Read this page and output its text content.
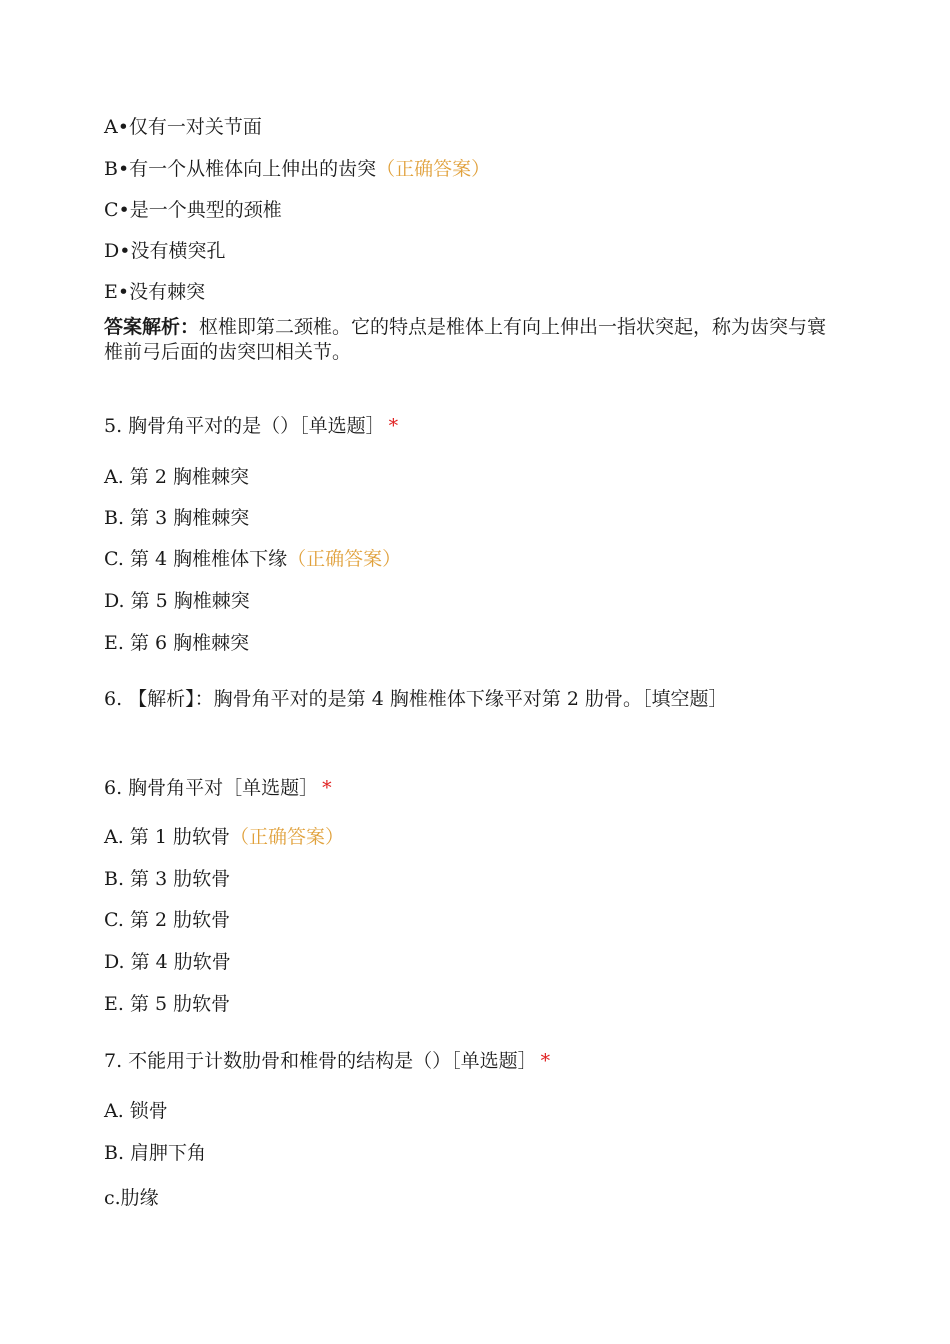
A•仅有一对关节面
B•有一个从椎体向上伸出的齿突（正确答案）
C•是一个典型的颈椎
D•没有横突孔
E•没有棘突
答案解析：枢椎即第二颈椎。它的特点是椎体上有向上伸出一指状突起，称为齿突与寰椎前弓后面的齿突凹相关节。
5. 胸骨角平对的是（）［单选题］ *
A. 第 2 胸椎棘突
B. 第 3 胸椎棘突
C. 第 4 胸椎椎体下缘（正确答案）
D. 第 5 胸椎棘突
E. 第 6 胸椎棘突
6. 【解析】：胸骨角平对的是第 4 胸椎椎体下缘平对第 2 肋骨。［填空题］
6. 胸骨角平对［单选题］ *
A. 第 1 肋软骨（正确答案）
B. 第 3 肋软骨
C. 第 2 肋软骨
D. 第 4 肋软骨
E. 第 5 肋软骨
7. 不能用于计数肋骨和椎骨的结构是（）［单选题］ *
A. 锁骨
B. 肩胛下角
c.肋缘
